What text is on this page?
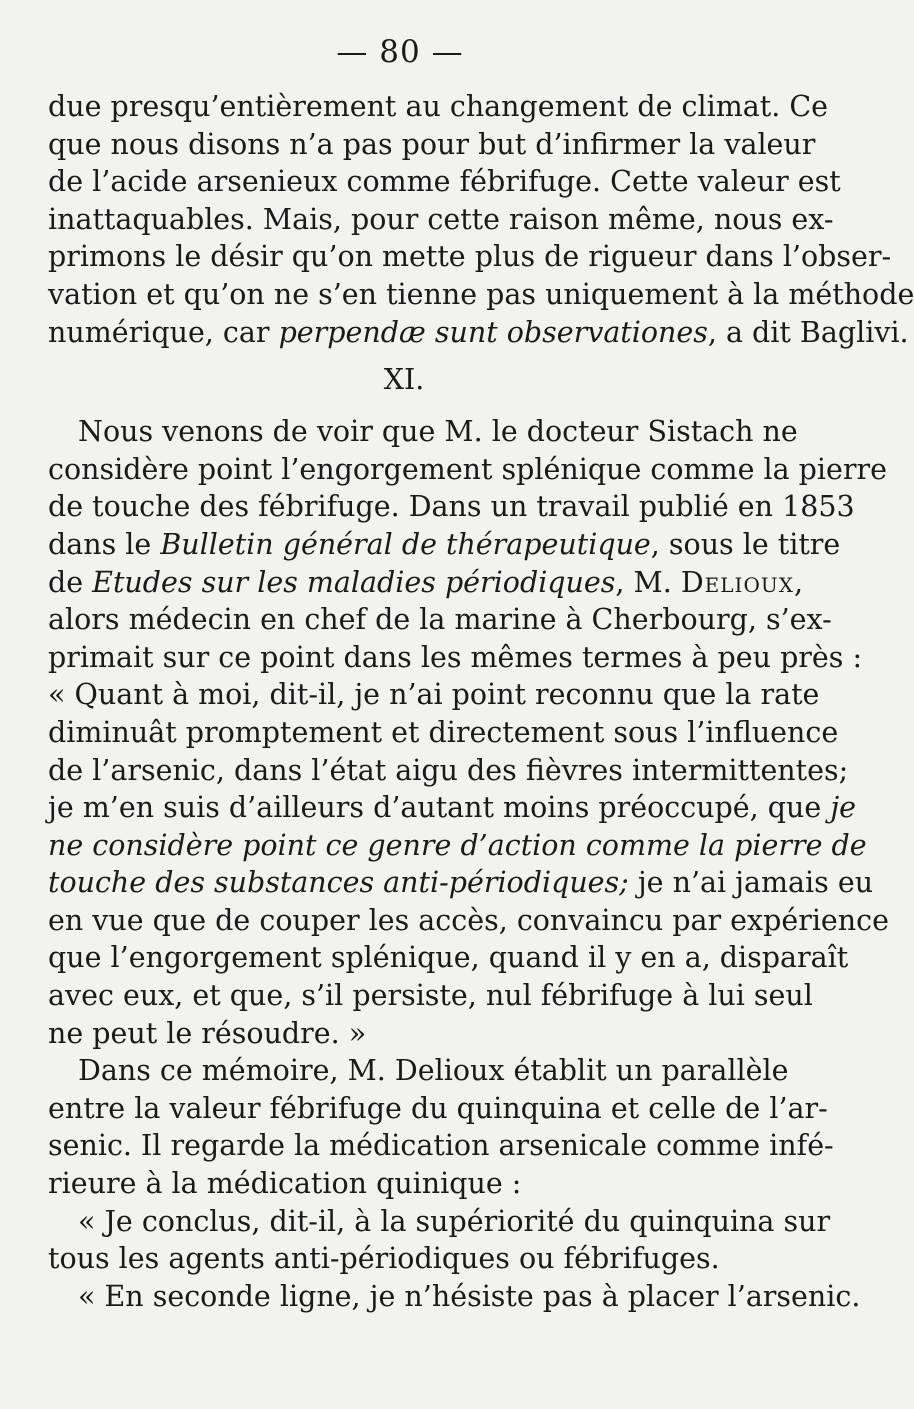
— 80 —
due presqu’entièrement au changement de climat. Ce
que nous disons n’a pas pour but d’infirmer la valeur
de l’acide arsenieux comme fébrifuge. Cette valeur est
inattaquables. Mais, pour cette raison même, nous ex-
primons le désir qu’on mette plus de rigueur dans l’obser-
vation et qu’on ne s’en tienne pas uniquement à la méthode
numérique, car perpendæ sunt observationes, a dit Baglivi.
XI.
Nous venons de voir que M. le docteur Sistach ne
considère point l’engorgement splénique comme la pierre
de touche des fébrifuge. Dans un travail publié en 1853
dans le Bulletin général de thérapeutique, sous le titre
de Etudes sur les maladies périodiques, M. Delioux,
alors médecin en chef de la marine à Cherbourg, s’ex-
primait sur ce point dans les mêmes termes à peu près :
« Quant à moi, dit-il, je n’ai point reconnu que la rate
diminuât promptement et directement sous l’influence
de l’arsenic, dans l’état aigu des fièvres intermittentes;
je m’en suis d’ailleurs d’autant moins préoccupé, que je
ne considère point ce genre d’action comme la pierre de
touche des substances anti-périodiques; je n’ai jamais eu
en vue que de couper les accès, convaincu par expérience
que l’engorgement splénique, quand il y en a, disparaît
avec eux, et que, s’il persiste, nul fébrifuge à lui seul
ne peut le résoudre. »
Dans ce mémoire, M. Delioux établit un parallèle
entre la valeur fébrifuge du quinquina et celle de l’ar-
senic. Il regarde la médication arsenicale comme infé-
rieure à la médication quinique :
« Je conclus, dit-il, à la supériorité du quinquina sur
tous les agents anti-périodiques ou fébrifuges.
« En seconde ligne, je n’hésiste pas à placer l’arsenic.
